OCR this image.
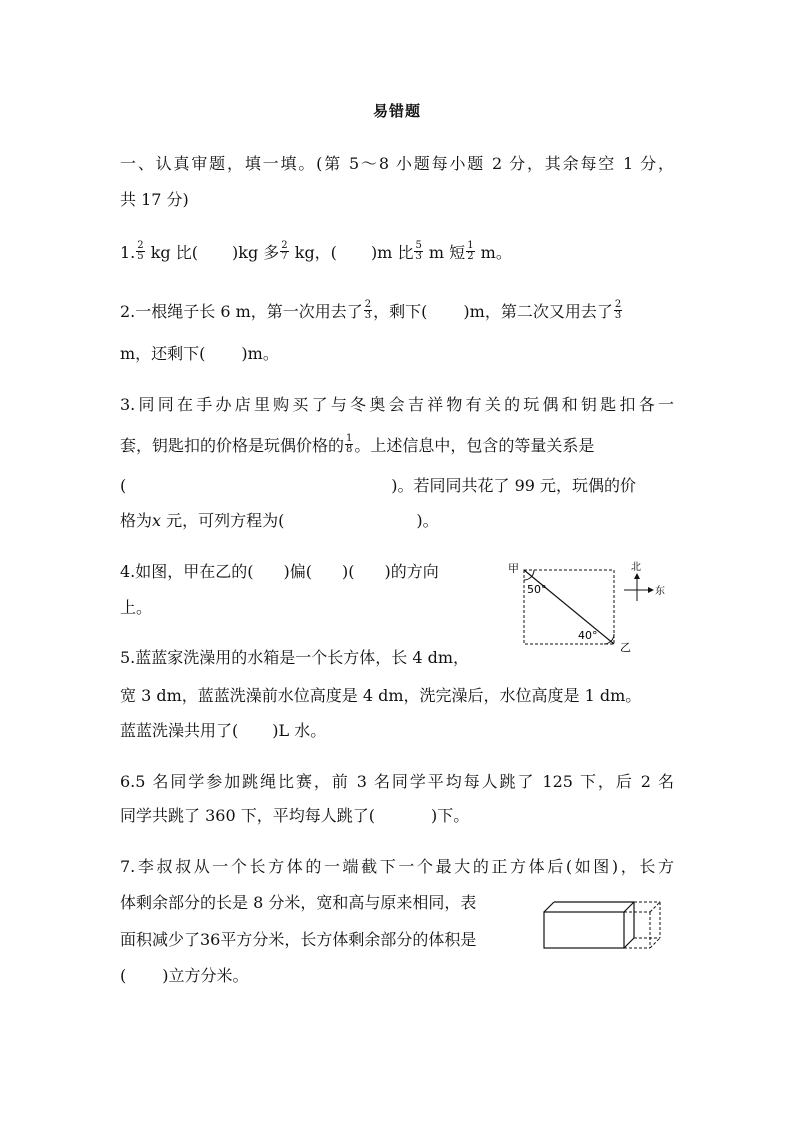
易错题
一、认真审题，填一填。(第 5～8 小题每小题 2 分，其余每空 1 分，
共 17 分)
1. $\frac{2}{5}$ kg 比( )kg 多 $\frac{2}{7}$ kg，( )m 比 $\frac{5}{3}$ m 短 $\frac{1}{2}$ m。
2.一根绳子长 6 m，第一次用去了 $\frac{2}{3}$ ，剩下( )m，第二次又用去了 $\frac{2}{3}$
m，还剩下( )m。
3.同同在手办店里购买了与冬奥会吉祥物有关的玩偶和钥匙扣各一
套，钥匙扣的价格是玩偶价格的 $\frac{1}{8}$ 。上述信息中，包含的等量关系是
(	)。若同同共花了 99 元，玩偶的价
格为x 元，可列方程为(	)。
4.如图，甲在乙的( )偏( )( )的方向
上。
甲
50°
40°
乙
北
东
5.蓝蓝家洗澡用的水箱是一个长方体，长 4 dm，
宽 3 dm，蓝蓝洗澡前水位高度是 4 dm，洗完澡后，水位高度是 1 dm。
蓝蓝洗澡共用了( )L 水。
6.5 名同学参加跳绳比赛，前 3 名同学平均每人跳了 125 下，后 2 名
同学共跳了 360 下，平均每人跳了(	)下。
7.李叔叔从一个长方体的一端截下一个最大的正方体后(如图)，长方
体剩余部分的长是 8 分米，宽和高与原来相同，表
面积减少了36平方分米，长方体剩余部分的体积是
( )立方分米。
